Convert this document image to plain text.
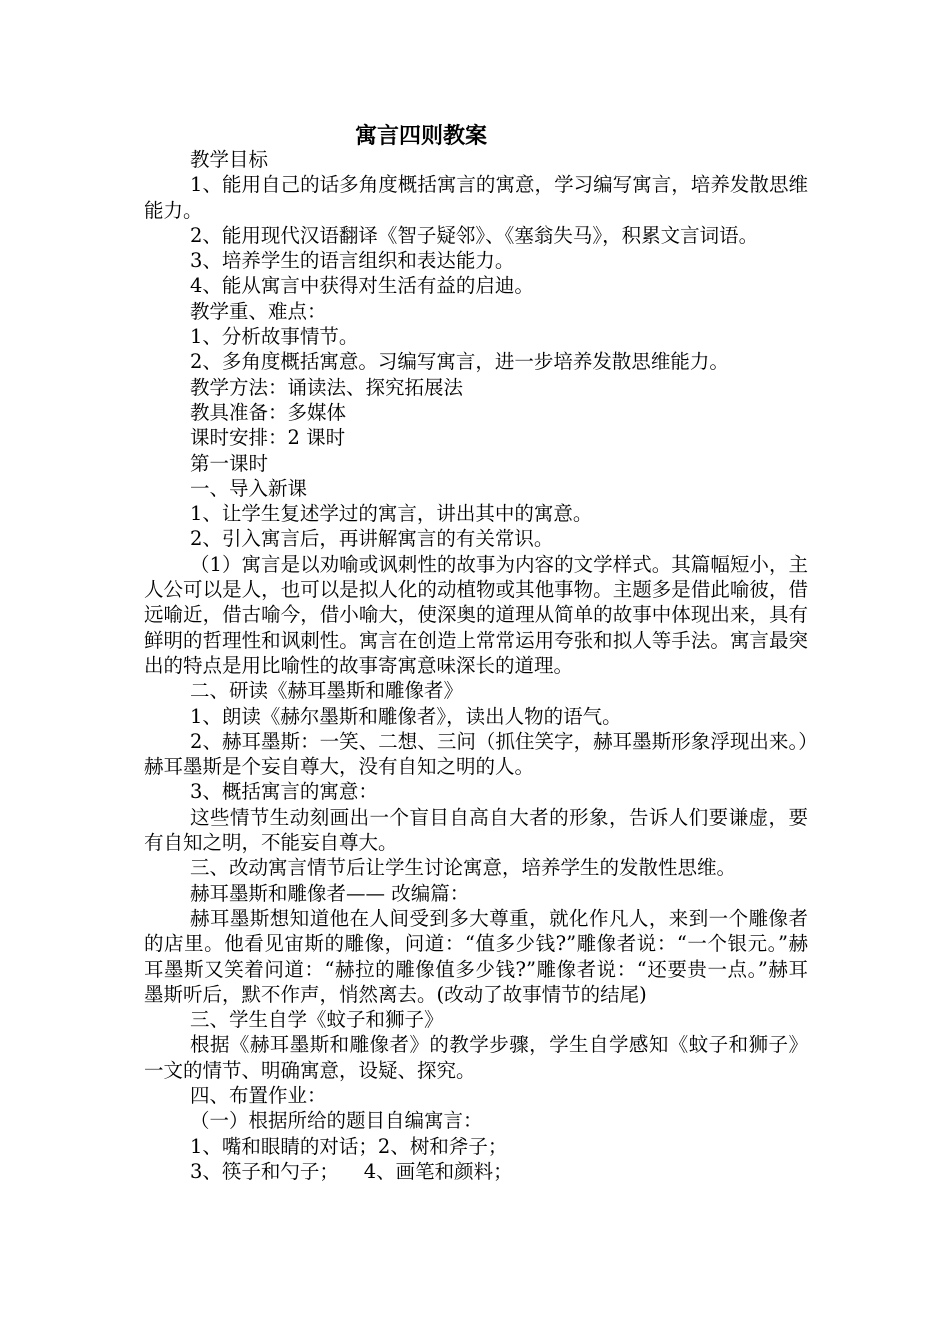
寓言四则教案

教学目标

1、能用自己的话多角度概括寓言的寓意，学习编写寓言，培养发散思维能力。

2、能用现代汉语翻译《智子疑邻》、《塞翁失马》，积累文言词语。

3、培养学生的语言组织和表达能力。

4、能从寓言中获得对生活有益的启迪。

教学重、难点：

1、分析故事情节。

2、多角度概括寓意。习编写寓言，进一步培养发散思维能力。

教学方法：诵读法、探究拓展法

教具准备：多媒体

课时安排：2 课时

第一课时

一、导入新课

1、让学生复述学过的寓言，讲出其中的寓意。

2、引入寓言后，再讲解寓言的有关常识。

（1）寓言是以劝喻或讽刺性的故事为内容的文学样式。其篇幅短小，主人公可以是人，也可以是拟人化的动植物或其他事物。主题多是借此喻彼，借远喻近，借古喻今，借小喻大，使深奥的道理从简单的故事中体现出来，具有鲜明的哲理性和讽刺性。寓言在创造上常常运用夸张和拟人等手法。寓言最突出的特点是用比喻性的故事寄寓意味深长的道理。

二、研读《赫耳墨斯和雕像者》

1、朗读《赫尔墨斯和雕像者》，读出人物的语气。

2、赫耳墨斯：一笑、二想、三问（抓住笑字，赫耳墨斯形象浮现出来。）赫耳墨斯是个妄自尊大，没有自知之明的人。

3、概括寓言的寓意：

这些情节生动刻画出一个盲目自高自大者的形象，告诉人们要谦虚，要有自知之明，不能妄自尊大。

三、改动寓言情节后让学生讨论寓意，培养学生的发散性思维。

赫耳墨斯和雕像者—— 改编篇：

赫耳墨斯想知道他在人间受到多大尊重，就化作凡人，来到一个雕像者的店里。他看见宙斯的雕像，问道：“值多少钱?”雕像者说：“一个银元。”赫耳墨斯又笑着问道：“赫拉的雕像值多少钱?”雕像者说：“还要贵一点。”赫耳墨斯听后，默不作声，悄然离去。(改动了故事情节的结尾)

三、学生自学《蚊子和狮子》

根据《赫耳墨斯和雕像者》的教学步骤，学生自学感知《蚊子和狮子》一文的情节、明确寓意，设疑、探究。

四、布置作业：

（一）根据所给的题目自编寓言：

1、嘴和眼睛的对话；2、树和斧子；

3、筷子和勺子；    4、画笔和颜料；
